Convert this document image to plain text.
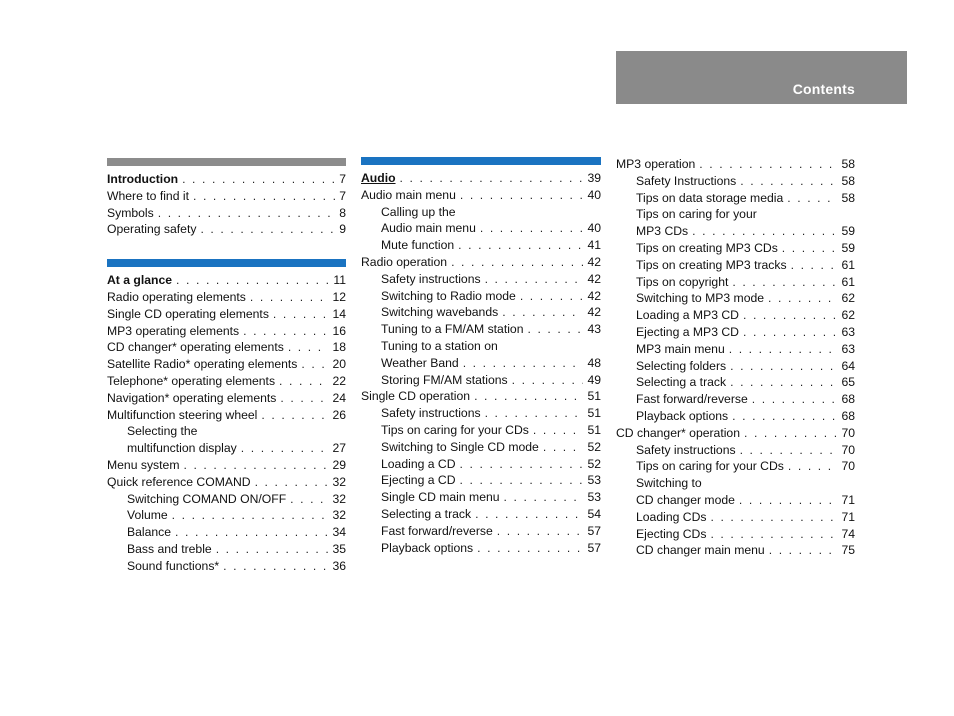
Contents
Introduction . . .	7
Where to find it . . .	7
Symbols . . .	8
Operating safety . . .	9
At a glance . . .	11
Radio operating elements . . .	12
Single CD operating elements . . .	14
MP3 operating elements . . .	16
CD changer* operating elements . . .	18
Satellite Radio* operating elements . . .	20
Telephone* operating elements . . .	22
Navigation* operating elements . . .	24
Multifunction steering wheel . . .	26
Selecting the
multifunction display . . .	27
Menu system . . .	29
Quick reference COMAND . . .	32
Switching COMAND ON/OFF . . .	32
Volume . . .	32
Balance . . .	34
Bass and treble . . .	35
Sound functions* . . .	36
Audio . . .	39
Audio main menu . . .	40
Calling up the
Audio main menu . . .	40
Mute function . . .	41
Radio operation . . .	42
Safety instructions . . .	42
Switching to Radio mode . . .	42
Switching wavebands . . .	42
Tuning to a FM/AM station . . .	43
Tuning to a station on
Weather Band . . .	48
Storing FM/AM stations . . .	49
Single CD operation . . .	51
Safety instructions . . .	51
Tips on caring for your CDs . . .	51
Switching to Single CD mode . . .	52
Loading a CD . . .	52
Ejecting a CD . . .	53
Single CD main menu . . .	53
Selecting a track . . .	54
Fast forward/reverse . . .	57
Playback options . . .	57
MP3 operation . . .	58
Safety Instructions . . .	58
Tips on data storage media . . .	58
Tips on caring for your
MP3 CDs . . .	59
Tips on creating MP3 CDs . . .	59
Tips on creating MP3 tracks . . .	61
Tips on copyright . . .	61
Switching to MP3 mode . . .	62
Loading a MP3 CD . . .	62
Ejecting a MP3 CD . . .	63
MP3 main menu . . .	63
Selecting folders . . .	64
Selecting a track . . .	65
Fast forward/reverse . . .	68
Playback options . . .	68
CD changer* operation . . .	70
Safety instructions . . .	70
Tips on caring for your CDs . . .	70
Switching to
CD changer mode . . .	71
Loading CDs . . .	71
Ejecting CDs . . .	74
CD changer main menu . . .	75
